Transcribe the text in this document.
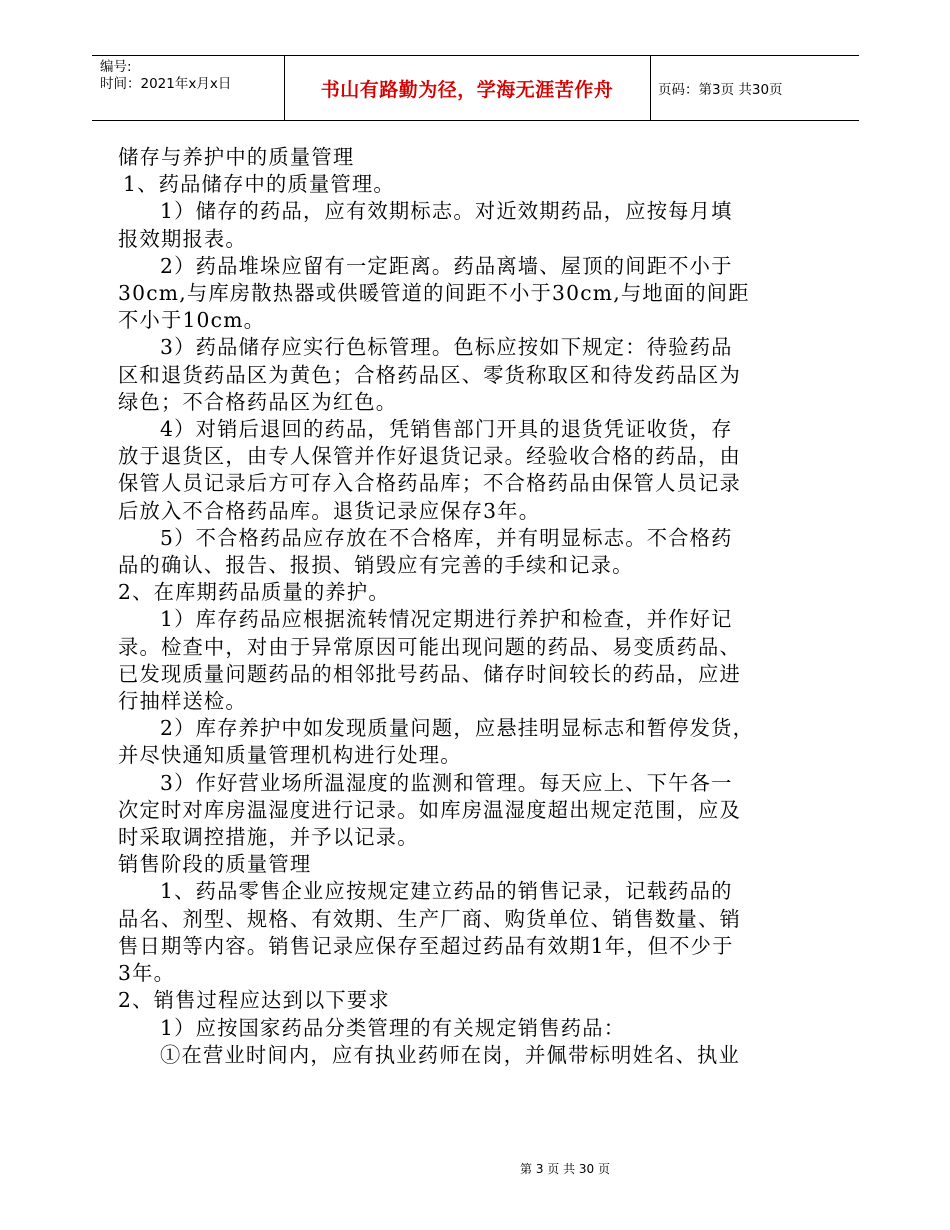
编号:
时间：2021年x月x日	书山有路勤为径，学海无涯苦作舟	页码：第3页 共30页

储存与养护中的质量管理

1、药品储存中的质量管理。

1）储存的药品，应有效期标志。对近效期药品，应按每月填

报效期报表。

2）药品堆垛应留有一定距离。药品离墙、屋顶的间距不小于

30cm,与库房散热器或供暖管道的间距不小于30cm,与地面的间距

不小于10cm。

3）药品储存应实行色标管理。色标应按如下规定：待验药品

区和退货药品区为黄色；合格药品区、零货称取区和待发药品区为

绿色；不合格药品区为红色。

4）对销后退回的药品，凭销售部门开具的退货凭证收货，存

放于退货区，由专人保管并作好退货记录。经验收合格的药品，由

保管人员记录后方可存入合格药品库；不合格药品由保管人员记录

后放入不合格药品库。退货记录应保存3年。

5）不合格药品应存放在不合格库，并有明显标志。不合格药

品的确认、报告、报损、销毁应有完善的手续和记录。

2、在库期药品质量的养护。

1）库存药品应根据流转情况定期进行养护和检查，并作好记

录。检查中，对由于异常原因可能出现问题的药品、易变质药品、

已发现质量问题药品的相邻批号药品、储存时间较长的药品，应进

行抽样送检。

2）库存养护中如发现质量问题，应悬挂明显标志和暂停发货，

并尽快通知质量管理机构进行处理。

3）作好营业场所温湿度的监测和管理。每天应上、下午各一

次定时对库房温湿度进行记录。如库房温湿度超出规定范围，应及

时采取调控措施，并予以记录。

销售阶段的质量管理

1、药品零售企业应按规定建立药品的销售记录，记载药品的

品名、剂型、规格、有效期、生产厂商、购货单位、销售数量、销

售日期等内容。销售记录应保存至超过药品有效期1年，但不少于

3年。

2、销售过程应达到以下要求

1）应按国家药品分类管理的有关规定销售药品：

①在营业时间内，应有执业药师在岗，并佩带标明姓名、执业

第 3 页 共 30 页
